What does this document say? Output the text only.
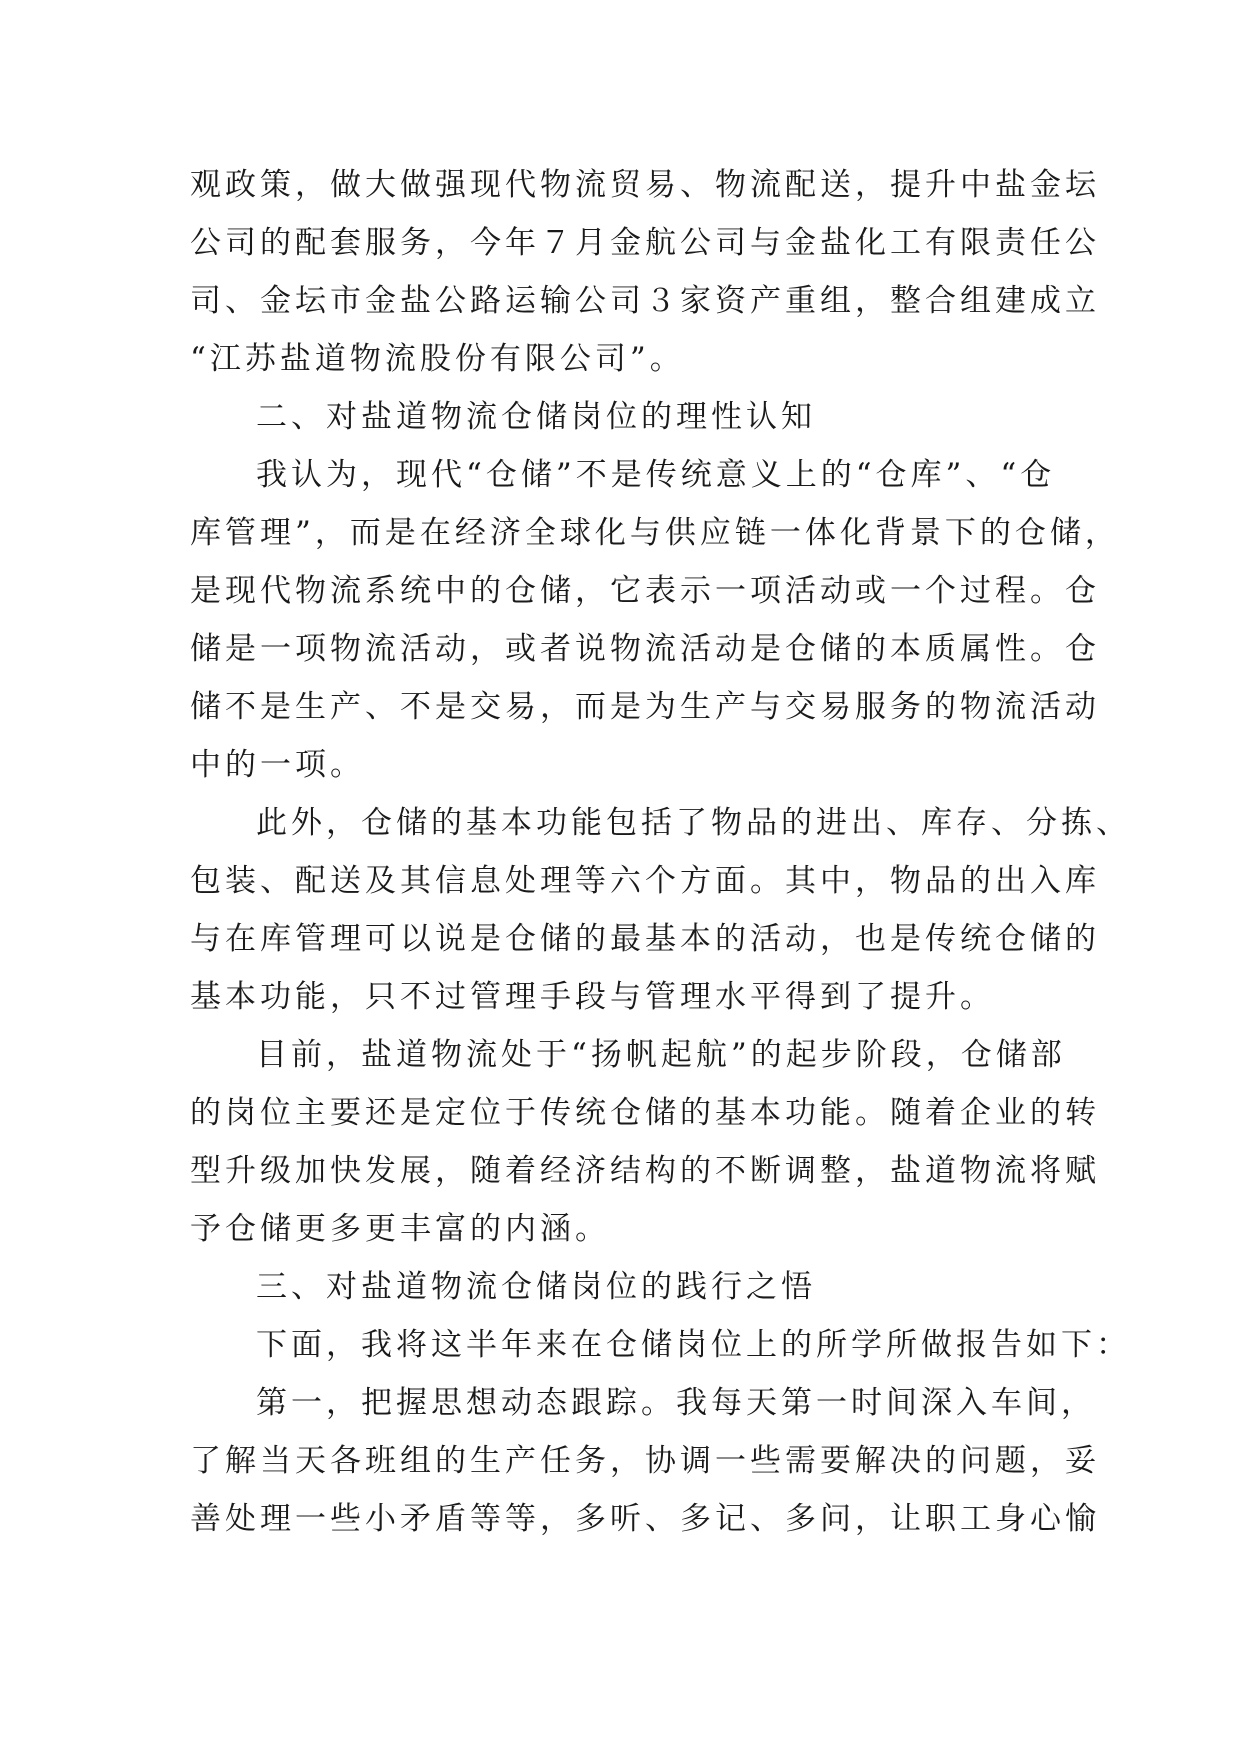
观政策，做大做强现代物流贸易、物流配送，提升中盐金坛
公司的配套服务，今年７月金航公司与金盐化工有限责任公
司、金坛市金盐公路运输公司３家资产重组，整合组建成立
“江苏盐道物流股份有限公司”。
二、对盐道物流仓储岗位的理性认知
我认为，现代“仓储”不是传统意义上的“仓库”、“仓
库管理”，而是在经济全球化与供应链一体化背景下的仓储，
是现代物流系统中的仓储，它表示一项活动或一个过程。仓
储是一项物流活动，或者说物流活动是仓储的本质属性。仓
储不是生产、不是交易，而是为生产与交易服务的物流活动
中的一项。
此外，仓储的基本功能包括了物品的进出、库存、分拣、
包装、配送及其信息处理等六个方面。其中，物品的出入库
与在库管理可以说是仓储的最基本的活动，也是传统仓储的
基本功能，只不过管理手段与管理水平得到了提升。
目前，盐道物流处于“扬帆起航”的起步阶段，仓储部
的岗位主要还是定位于传统仓储的基本功能。随着企业的转
型升级加快发展，随着经济结构的不断调整，盐道物流将赋
予仓储更多更丰富的内涵。
三、对盐道物流仓储岗位的践行之悟
下面，我将这半年来在仓储岗位上的所学所做报告如下：
第一，把握思想动态跟踪。我每天第一时间深入车间，
了解当天各班组的生产任务，协调一些需要解决的问题，妥
善处理一些小矛盾等等，多听、多记、多问，让职工身心愉
